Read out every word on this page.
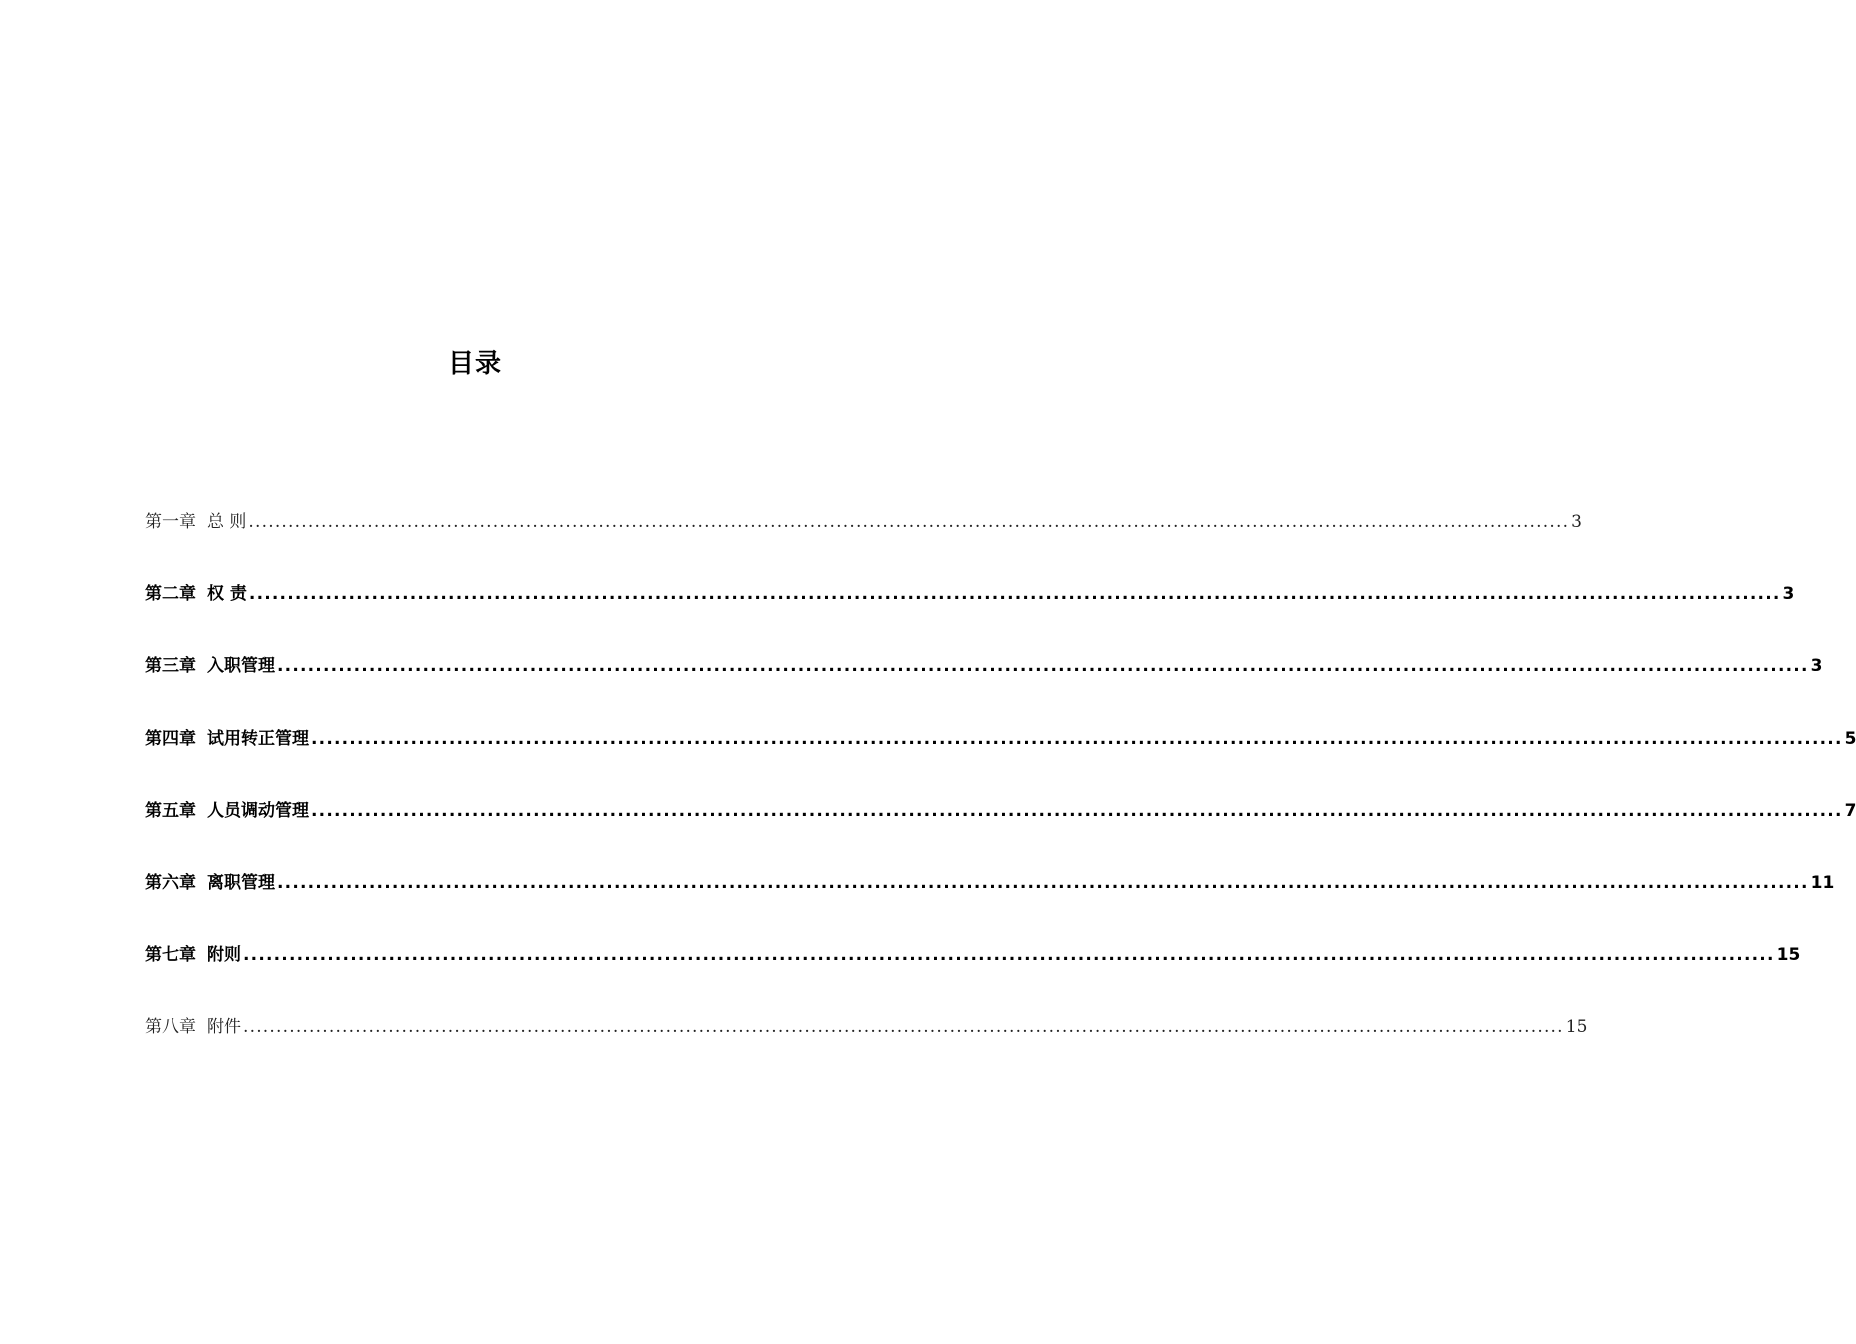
目录
第一章 总 则 ........................................................................................................................................................................................................ 3
第二章 权 责 ........................................................................................................................................................................................................ 3
第三章 入职管理 ........................................................................................................................................................................................................ 3
第四章 试用转正管理 ........................................................................................................................................................................................................ 5
第五章 人员调动管理 ........................................................................................................................................................................................................ 7
第六章 离职管理 ........................................................................................................................................................................................................ 11
第七章 附则 ........................................................................................................................................................................................................ 15
第八章 附件 ........................................................................................................................................................................................................ 15
